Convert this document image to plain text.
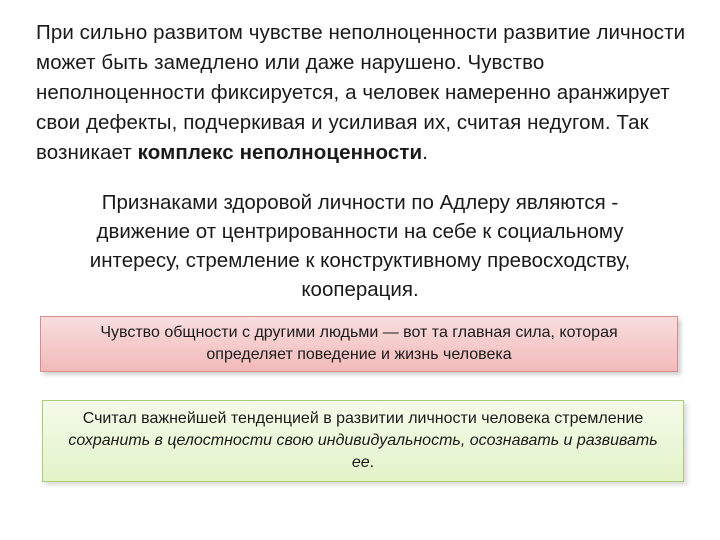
При сильно развитом чувстве неполноценности развитие личности может быть замедлено или даже нарушено. Чувство неполноценности фиксируется, а человек намеренно аранжирует свои дефекты, подчеркивая и усиливая их, считая недугом. Так возникает комплекс неполноценности.
Признаками здоровой личности по Адлеру являются - движение от центрированности на себе к социальному интересу, стремление к конструктивному превосходству, кооперация.
Чувство общности с другими людьми — вот та главная сила, которая определяет поведение и жизнь человека
Считал важнейшей тенденцией в развитии личности человека стремление сохранить в целостности свою индивидуальность, осознавать и развивать ее.
